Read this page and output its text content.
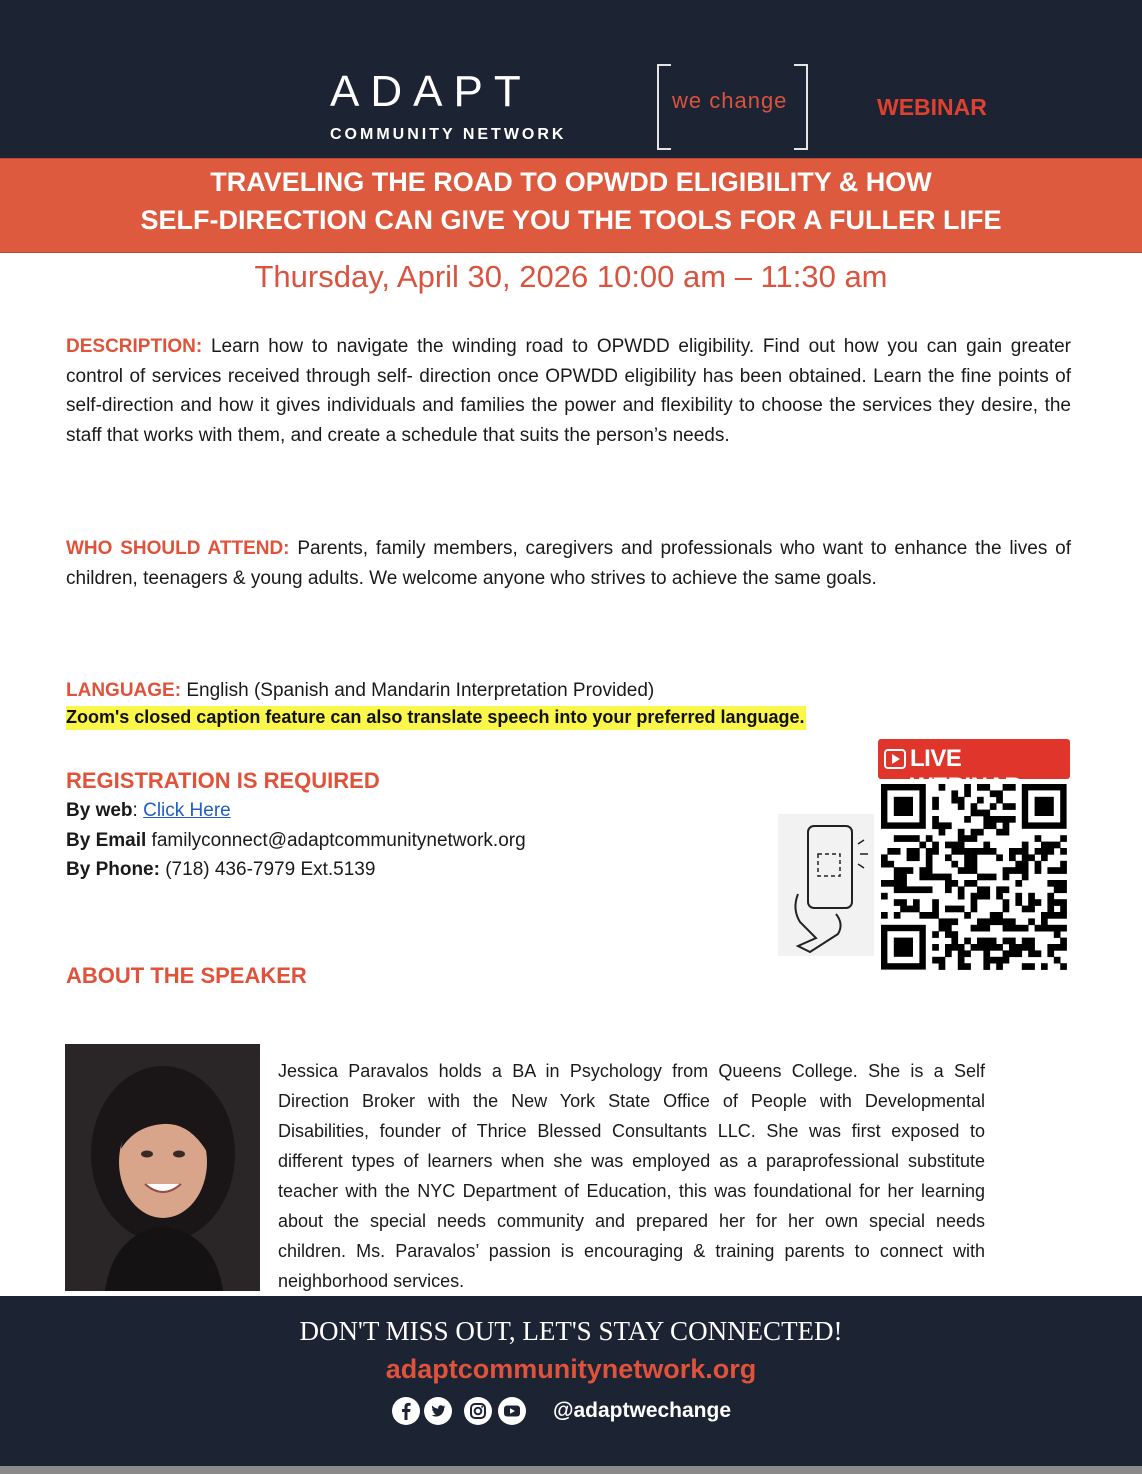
ADAPT
COMMUNITY NETWORK
we change	WEBINAR
TRAVELING THE ROAD TO OPWDD ELIGIBILITY & HOW
SELF-DIRECTION CAN GIVE YOU THE TOOLS FOR A FULLER LIFE
Thursday, April 30, 2026 10:00 am – 11:30 am
DESCRIPTION: Learn how to navigate the winding road to OPWDD eligibility. Find out how you can gain greater control of services received through self- direction once OPWDD eligibility has been obtained. Learn the fine points of self-direction and how it gives individuals and families the power and flexibility to choose the services they desire, the staff that works with them, and create a schedule that suits the person’s needs.
WHO SHOULD ATTEND: Parents, family members, caregivers and professionals who want to enhance the lives of children, teenagers & young adults. We welcome anyone who strives to achieve the same goals.
LANGUAGE: English (Spanish and Mandarin Interpretation Provided)
Zoom's closed caption feature can also translate speech into your preferred language.
REGISTRATION IS REQUIRED
By web: Click Here
By Email familyconnect@adaptcommunitynetwork.org
By Phone: (718) 436-7979 Ext.5139
LIVE
ABOUT THE SPEAKER
Jessica Paravalos holds a BA in Psychology from Queens College. She is a Self Direction Broker with the New York State Office of People with Developmental Disabilities, founder of Thrice Blessed Consultants LLC. She was first exposed to different types of learners when she was employed as a paraprofessional substitute teacher with the NYC Department of Education, this was foundational for her learning about the special needs community and prepared her for her own special needs children. Ms. Paravalos’ passion is encouraging & training parents to connect with neighborhood services.
DON'T MISS OUT, LET'S STAY CONNECTED!
adaptcommunitynetwork.org
@adaptwechange
